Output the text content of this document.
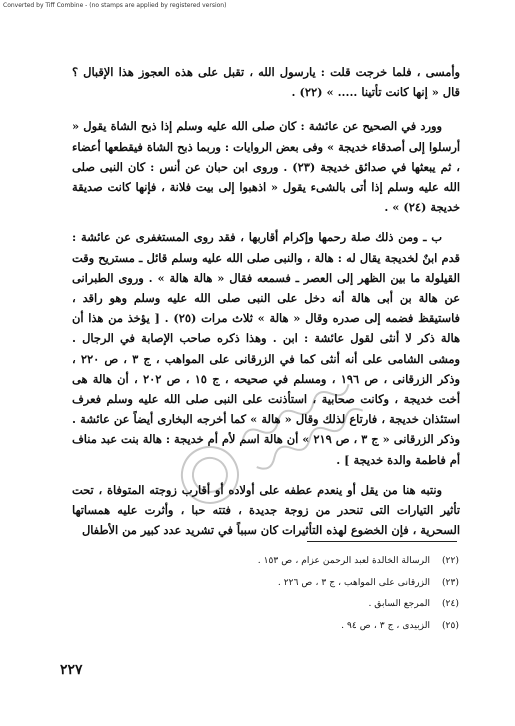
Converted by Tiff Combine - (no stamps are applied by registered version)

وأمسى ، فلما خرجت قلت : يارسول الله ، تقبل على هذه العجوز هذا الإقبال ؟ قال « إنها كانت تأتينا ..... » (٢٢) .

وورد في الصحيح عن عائشة : كان صلى الله عليه وسلم إذا ذبح الشاة يقول « أرسلوا إلى أصدقاء خديجة » وفى بعض الروايات : وربما ذبح الشاة فيقطعها أعضاء ، ثم يبعثها في صدائق خديجة (٢٣) . وروى ابن حبان عن أنس : كان النبى صلى الله عليه وسلم إذا أتى بالشىء يقول « اذهبوا إلى بيت فلانة ، فإنها كانت صديقة خديجة (٢٤) » .

ب ـ ومن ذلك صلة رحمها وإكرام أقاربها ، فقد روى المستغفرى عن عائشة : قدم ابنٌ لخديجة يقال له : هالة ، والنبى صلى الله عليه وسلم قائل ـ مستريح وقت القيلولة ما بين الظهر إلى العصر ـ فسمعه فقال « هالة هالة » . وروى الطبرانى عن هالة بن أبى هالة أنه دخل على النبى صلى الله عليه وسلم وهو راقد ، فاستيقظ فضمه إلى صدره وقال « هالة » ثلاث مرات (٢٥) . [ يؤخذ من هذا أن هالة ذكر لا أنثى لقول عائشة : ابن . وهذا ذكره صاحب الإصابة في الرجال . ومشى الشامى على أنه أنثى كما في الزرقانى على المواهب ، ج ٣ ، ص ٢٢٠ ، وذكر الزرقانى ، ص ١٩٦ ، ومسلم في صحيحه ، ج ١٥ ، ص ٢٠٢ ، أن هالة هى أخت خديجة ، وكانت صحابية ، استأذنت على النبى صلى الله عليه وسلم فعرف استئذان خديجة ، فارتاع لذلك وقال « هالة » كما أخرجه البخارى أيضاً عن عائشة . وذكر الزرقانى « ج ٣ ، ص ٢١٩ » أن هالة اسم لأم أم خديجة : هالة بنت عبد مناف أم فاطمة والدة خديجة ] .

ونتبه هنا من يقل أو ينعدم عطفه على أولاده أو أقارب زوجته المتوفاة ، تحت تأثير التيارات التى تنحدر من زوجة جديدة ، فتته حبا ، وأثرت عليه همساتها السحرية ، فإن الخضوع لهذه التأثيرات كان سبباً في تشريد عدد كبير من الأطفال

(٢٢) الرسالة الخالدة لعبد الرحمن عزام ، ص ١٥٣ .

(٢٣) الزرقانى على المواهب ، ج ٣ ، ص ٢٢٦ .

(٢٤) المرجع السابق .

(٢٥) الزبيدى ، ج ٣ ، ص ٩٤ .

٢٢٧
